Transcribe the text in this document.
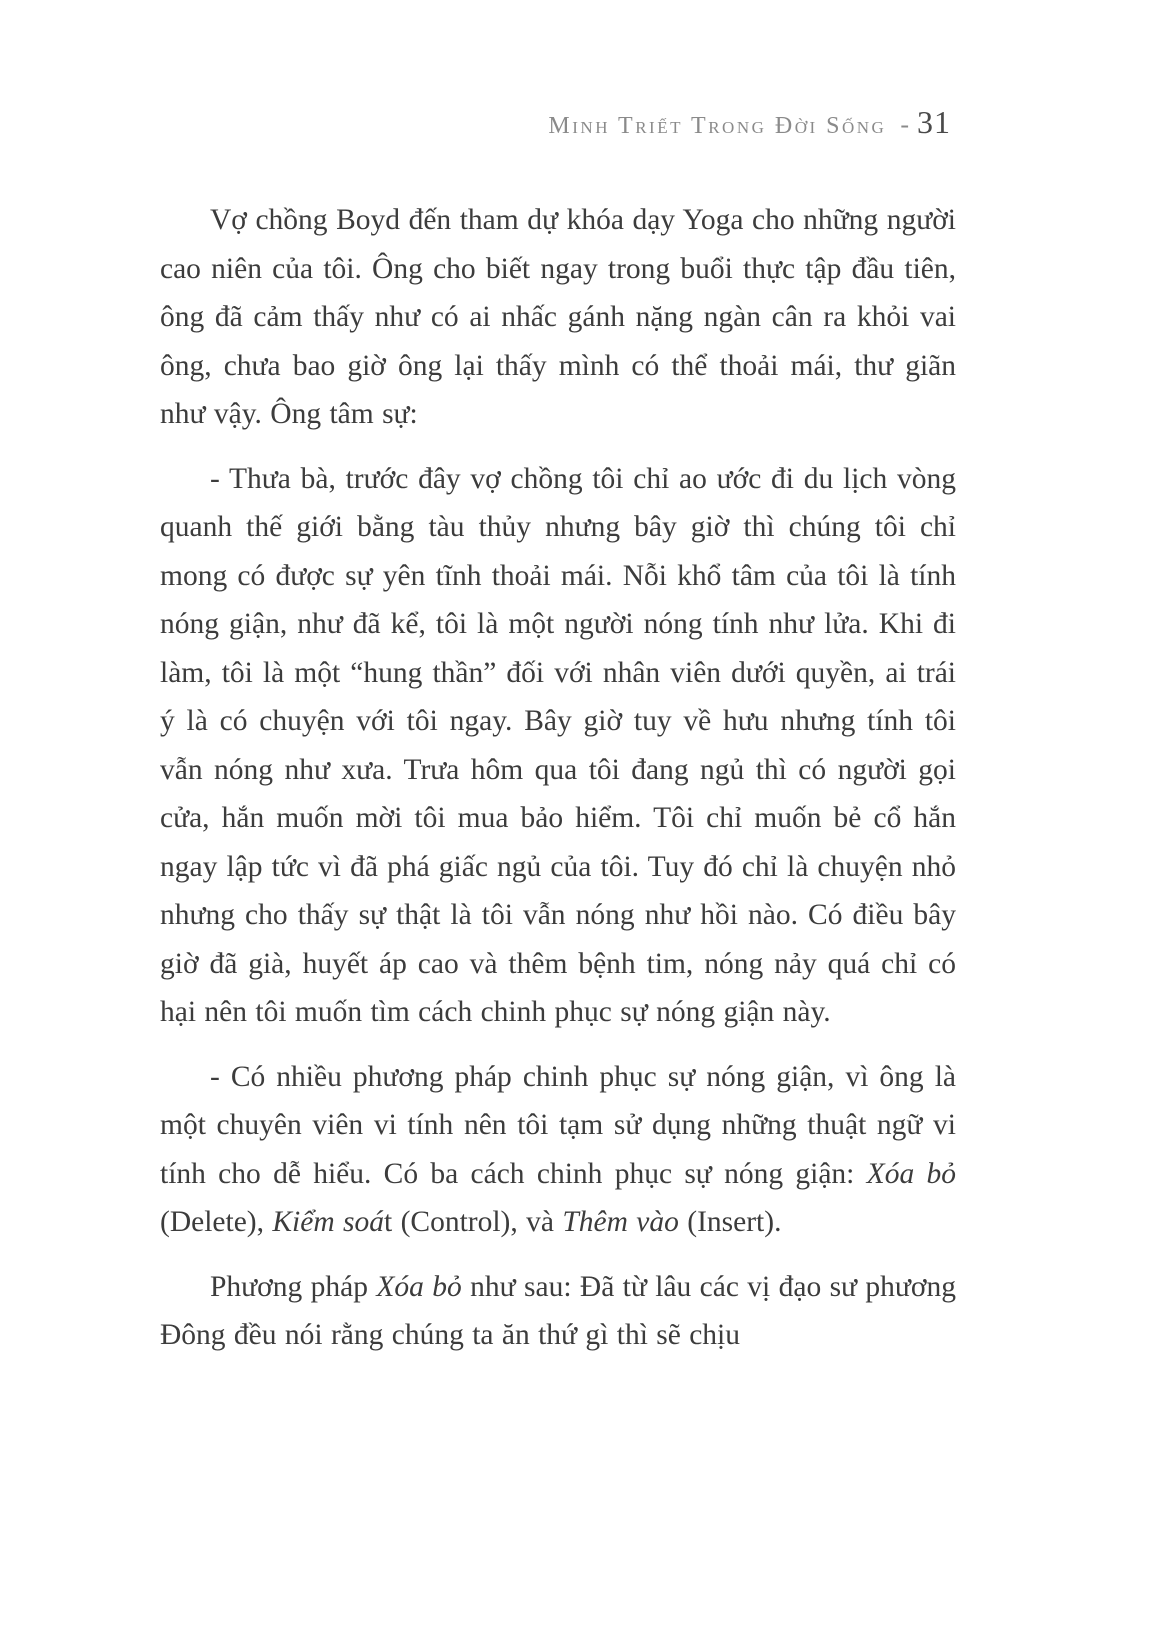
Minh Triết Trong Đời Sống - 31

Vợ chồng Boyd đến tham dự khóa dạy Yoga cho những người cao niên của tôi. Ông cho biết ngay trong buổi thực tập đầu tiên, ông đã cảm thấy như có ai nhấc gánh nặng ngàn cân ra khỏi vai ông, chưa bao giờ ông lại thấy mình có thể thoải mái, thư giãn như vậy. Ông tâm sự:

- Thưa bà, trước đây vợ chồng tôi chỉ ao ước đi du lịch vòng quanh thế giới bằng tàu thủy nhưng bây giờ thì chúng tôi chỉ mong có được sự yên tĩnh thoải mái. Nỗi khổ tâm của tôi là tính nóng giận, như đã kể, tôi là một người nóng tính như lửa. Khi đi làm, tôi là một “hung thần” đối với nhân viên dưới quyền, ai trái ý là có chuyện với tôi ngay. Bây giờ tuy về hưu nhưng tính tôi vẫn nóng như xưa. Trưa hôm qua tôi đang ngủ thì có người gọi cửa, hắn muốn mời tôi mua bảo hiểm. Tôi chỉ muốn bẻ cổ hắn ngay lập tức vì đã phá giấc ngủ của tôi. Tuy đó chỉ là chuyện nhỏ nhưng cho thấy sự thật là tôi vẫn nóng như hồi nào. Có điều bây giờ đã già, huyết áp cao và thêm bệnh tim, nóng nảy quá chỉ có hại nên tôi muốn tìm cách chinh phục sự nóng giận này.

- Có nhiều phương pháp chinh phục sự nóng giận, vì ông là một chuyên viên vi tính nên tôi tạm sử dụng những thuật ngữ vi tính cho dễ hiểu. Có ba cách chinh phục sự nóng giận: Xóa bỏ (Delete), Kiểm soát (Control), và Thêm vào (Insert).

Phương pháp Xóa bỏ như sau: Đã từ lâu các vị đạo sư phương Đông đều nói rằng chúng ta ăn thứ gì thì sẽ chịu
